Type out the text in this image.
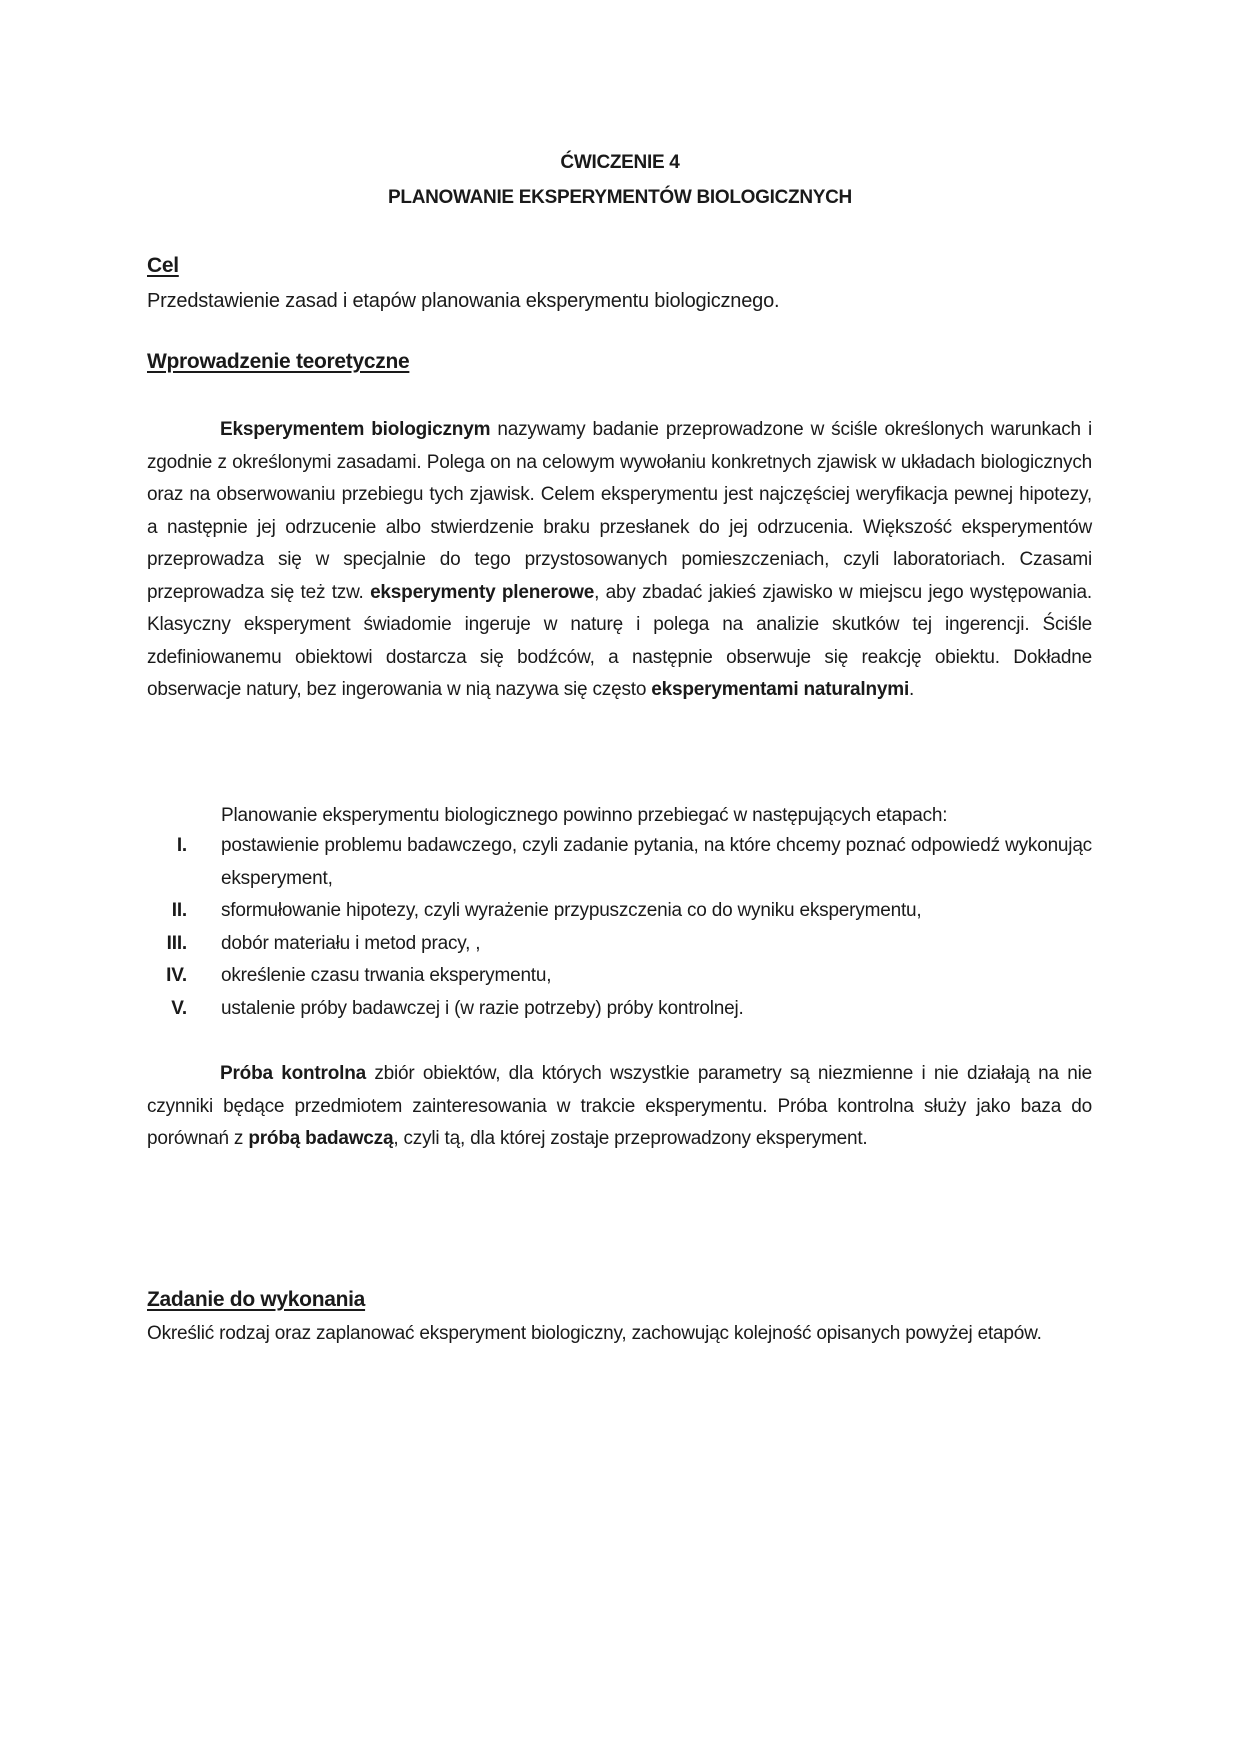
ĆWICZENIE 4
PLANOWANIE EKSPERYMENTÓW BIOLOGICZNYCH
Cel
Przedstawienie zasad i etapów planowania eksperymentu biologicznego.
Wprowadzenie teoretyczne
Eksperymentem biologicznym nazywamy badanie przeprowadzone w ściśle określonych warunkach i zgodnie z określonymi zasadami. Polega on na celowym wywołaniu konkretnych zjawisk w układach biologicznych oraz na obserwowaniu przebiegu tych zjawisk. Celem eksperymentu jest najczęściej weryfikacja pewnej hipotezy, a następnie jej odrzucenie albo stwierdzenie braku przesłanek do jej odrzucenia. Większość eksperymentów przeprowadza się w specjalnie do tego przystosowanych pomieszczeniach, czyli laboratoriach. Czasami przeprowadza się też tzw. eksperymenty plenerowe, aby zbadać jakieś zjawisko w miejscu jego występowania. Klasyczny eksperyment świadomie ingeruje w naturę i polega na analizie skutków tej ingerencji. Ściśle zdefiniowanemu obiektowi dostarcza się bodźców, a następnie obserwuje się reakcję obiektu. Dokładne obserwacje natury, bez ingerowania w nią nazywa się często eksperymentami naturalnymi.
Planowanie eksperymentu biologicznego powinno przebiegać w następujących etapach:
I. postawienie problemu badawczego, czyli zadanie pytania, na które chcemy poznać odpowiedź wykonując eksperyment,
II. sformułowanie hipotezy, czyli wyrażenie przypuszczenia co do wyniku eksperymentu,
III. dobór materiału i metod pracy, ,
IV. określenie czasu trwania eksperymentu,
V. ustalenie próby badawczej i (w razie potrzeby) próby kontrolnej.
Próba kontrolna zbiór obiektów, dla których wszystkie parametry są niezmienne i nie działają na nie czynniki będące przedmiotem zainteresowania w trakcie eksperymentu. Próba kontrolna służy jako baza do porównań z próbą badawczą, czyli tą, dla której zostaje przeprowadzony eksperyment.
Zadanie do wykonania
Określić rodzaj oraz zaplanować eksperyment biologiczny, zachowując kolejność opisanych powyżej etapów.
